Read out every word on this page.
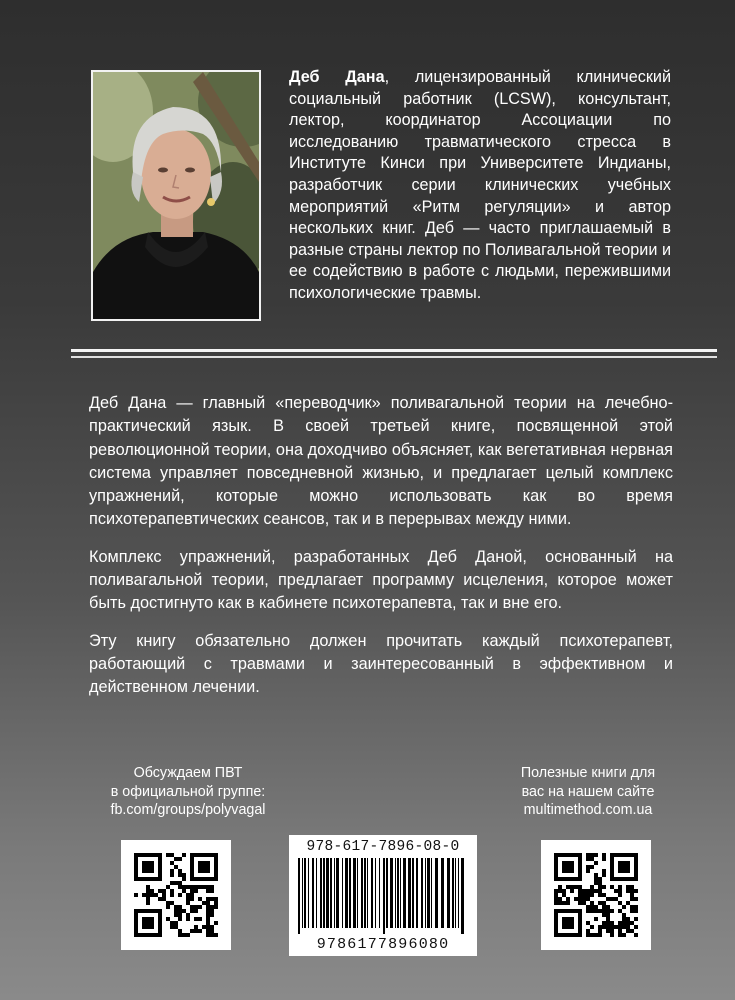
Деб Дана, лицензированный клинический социальный работник (LCSW), консультант, лектор, координатор Ассоциации по исследованию травматического стресса в Институте Кинси при Университете Индианы, разработчик серии клинических учебных мероприятий «Ритм регуляции» и автор нескольких книг. Деб — часто приглашаемый в разные страны лектор по Поливагальной теории и ее содействию в работе с людьми, пережившими психологические травмы.

Деб Дана — главный «переводчик» поливагальной теории на лечебно-практический язык. В своей третьей книге, посвященной этой революционной теории, она доходчиво объясняет, как вегетативная нервная система управляет повседневной жизнью, и предлагает целый комплекс упражнений, которые можно использовать как во время психотерапевтических сеансов, так и в перерывах между ними.

Комплекс упражнений, разработанных Деб Даной, основанный на поливагальной теории, предлагает программу исцеления, которое может быть достигнуто как в кабинете психотерапевта, так и вне его.

Эту книгу обязательно должен прочитать каждый психотерапевт, работающий с травмами и заинтересованный в эффективном и действенном лечении.

Обсуждаем ПВТ
в официальной группе:
fb.com/groups/polyvagal
Полезные книги для
вас на нашем сайте
multimethod.com.ua
978-617-7896-08-0
9786177896080
